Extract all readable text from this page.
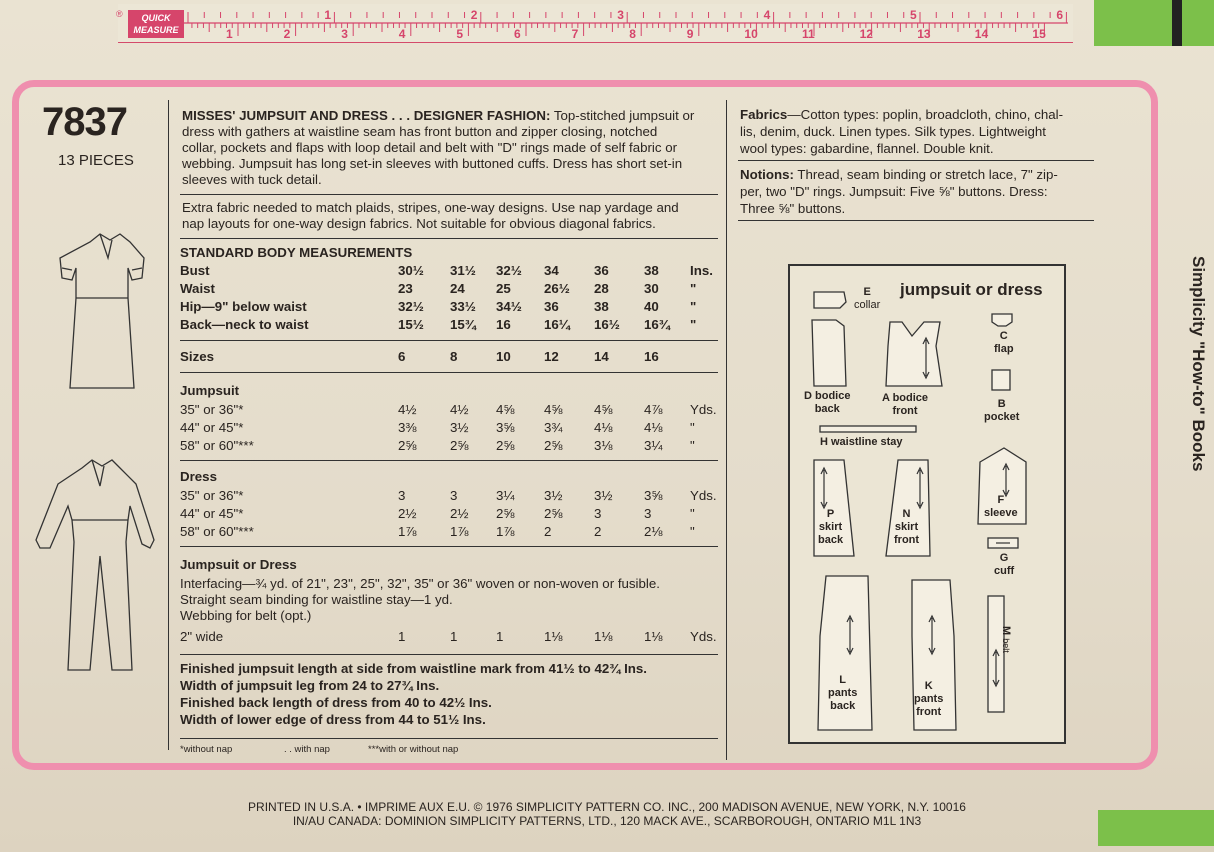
1	2	3	4	5	6
1	2	3	4	5	6	7	8	9	10	11	12	13	14	15
QUICK
MEASURE
®
7837
13 PIECES
MISSES' JUMPSUIT AND DRESS . . . DESIGNER FASHION: Top-stitched jumpsuit or
dress with gathers at waistline seam has front button and zipper closing, notched
collar, pockets and flaps with loop detail and belt with "D" rings made of self fabric or
webbing. Jumpsuit has long set-in sleeves with buttoned cuffs. Dress has short set-in
sleeves with tuck detail.
Extra fabric needed to match plaids, stripes, one-way designs. Use nap yardage and
nap layouts for one-way design fabrics. Not suitable for obvious diagonal fabrics.
STANDARD BODY MEASUREMENTS
Bust	30½ 31½ 32½ 34	36	38 Ins.
Waist	23	24 25 26½ 28	30 "
Hip—9" below waist	32½ 33½ 34½ 36	38	40 "
Back—neck to waist	15½ 15¾ 16 16¼ 16½ 16¾ "
Sizes	6	8	10 12	14	16
Jumpsuit
35" or 36"*	4½	4½ 4⅝ 4⅝ 4⅝ 4⅞ Yds.
44" or 45"*	3⅜	3½ 3⅝ 3¾ 4⅛ 4⅛ "
58" or 60"***	2⅝	2⅝ 2⅝ 2⅝ 3⅛ 3¼ "
Dress
35" or 36"*	3	3	3¼ 3½ 3½ 3⅝ Yds.
44" or 45"*	2½	2½ 2⅝ 2⅝ 3	3	"
58" or 60"***	1⅞	1⅞ 1⅞ 2	2	2⅛ "
Jumpsuit or Dress
Interfacing—¾ yd. of 21", 23", 25", 32", 35" or 36" woven or non-woven or fusible.
Straight seam binding for waistline stay—1 yd.
Webbing for belt (opt.)
2" wide	1	1	1	1⅛ 1⅛ 1⅛ Yds.
Finished jumpsuit length at side from waistline mark from 41½ to 42¾ Ins.
Width of jumpsuit leg from 24 to 27¾ Ins.
Finished back length of dress from 40 to 42½ Ins.
Width of lower edge of dress from 44 to 51½ Ins.
*without nap	. . with nap	***with or without nap
Fabrics—Cotton types: poplin, broadcloth, chino, chal-
lis, denim, duck. Linen types. Silk types. Lightweight
wool types: gabardine, flannel. Double knit.
Notions: Thread, seam binding or stretch lace, 7" zip-
per, two "D" rings. Jumpsuit: Five ⅝" buttons. Dress:
Three ⅝" buttons.
jumpsuit or dress
E
collar
C
flap
D bodice
back
A bodice
front
B
pocket
H waistline stay
P
skirt
back
N
skirt
front
F
sleeve
G
cuff
L
pants
back
K
pants
front
M belt
Simplicity "How-to" Books
PRINTED IN U.S.A. • IMPRIME AUX E.U. © 1976 SIMPLICITY PATTERN CO. INC., 200 MADISON AVENUE, NEW YORK, N.Y. 10016
IN/AU CANADA: DOMINION SIMPLICITY PATTERNS, LTD., 120 MACK AVE., SCARBOROUGH, ONTARIO M1L 1N3
